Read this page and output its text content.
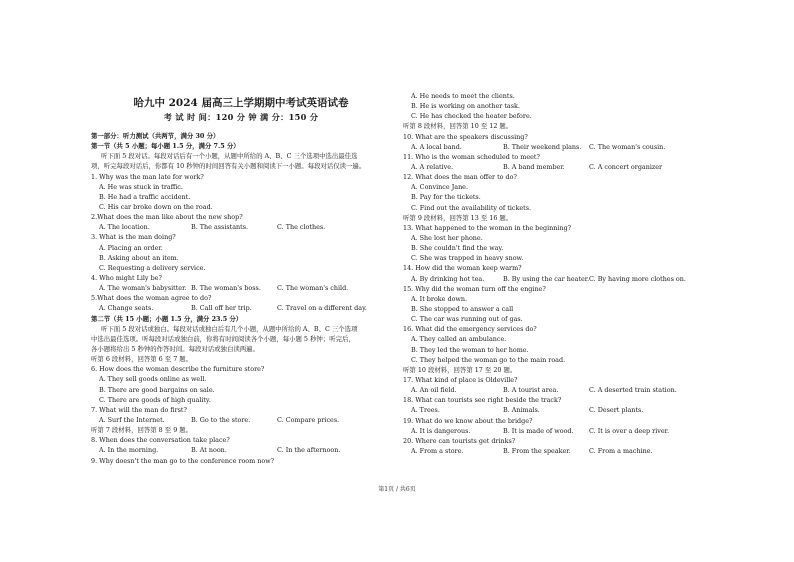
哈九中 2024 届高三上学期期中考试英语试卷
考 试 时 间：120 分 钟 满 分：150 分
第一部分：听力测试（共两节，满分 30 分）
第一节（共 5 小题；每小题 1.5 分，满分 7.5 分）
听下面 5 段对话。每段对话后有一个小题，从题中所给的 A、B、C 三个选项中选出最佳选
项，听完每段对话后，你都有 10 秒钟的时间回答有关小题和阅读下一小题。每段对话仅读一遍。
1. Why was the man late for work?
A. He was stuck in traffic.
B. He had a traffic accident.
C. His car broke down on the road.
2.What does the man like about the new shop?
A. The location.	B. The assistants.	C. The clothes.
3. What is the man doing?
A. Placing an order.
B. Asking about an item.
C. Requesting a delivery service.
4. Who might Lily be?
A. The woman's babysitter. B. The woman's boss.	C. The woman's child.
5.What does the woman agree to do?
A. Change seats.	B. Call off her trip.	C. Travel on a different day.
第二节（共 15 小题；小题 1.5 分，满分 23.5 分）
听下面 5 段对话或独白。每段对话或独白后有几个小题，从题中所给的 A、B、C 三个选项
中选出最佳选项。听每段对话或独白前，你将有时间阅读各个小题，每小题 5 秒钟；听完后，
各小题将给出 5 秒钟的作答时间。每段对话或独白读两遍。
听第 6 段材料，回答第 6 至 7 题。
6. How does the woman describe the furniture store?
A. They sell goods online as well.
B. There are good bargains on sale.
C. There are goods of high quality.
7. What will the man do first?
A. Surf the Internet.	B. Go to the store.	C. Compare prices.
听第 7 段材料，回答第 8 至 9 题。
8. When does the conversation take place?
A. In the morning.	B. At noon.	C. In the afternoon.
9. Why doesn't the man go to the conference room now?
A. He needs to meet the clients.
B. He is working on another task.
C. He has checked the heater before.
听第 8 段材料，回答第 10 至 12 题。
10. What are the speakers discussing?
A. A local band.	B. Their weekend plans. C. The woman's cousin.
11. Who is the woman scheduled to meet?
A. A relative.	B. A band member.	C. A concert organizer
12. What does the man offer to do?
A. Convince Jane.
B. Pay for the tickets.
C. Find out the availability of tickets.
听第 9 段材料，回答第 13 至 16 题。
13. What happened to the woman in the beginning?
A. She lost her phone.
B. She couldn't find the way.
C. She was trapped in heavy snow.
14. How did the woman keep warm?
A. By drinking hot tea.	B. By using the car heater. C. By having more clothes on.
15. Why did the woman turn off the engine?
A. It broke down.
B. She stopped to answer a call
C. The car was running out of gas.
16. What did the emergency services do?
A. They called an ambulance.
B. They led the woman to her home.
C. They helped the woman go to the main road.
听第 10 段材料，回答第 17 至 20 题。
17. What kind of place is Oldeville?
A. An oil field.	B. A tourist area.	C. A deserted train station.
18. What can tourists see right beside the track?
A. Trees.	B. Animals.	C. Desert plants.
19. What do we know about the bridge?
A. It is dangerous.	B. It is made of wood. C. It is over a deep river.
20. Where can tourists get drinks?
A. From a store.	B. From the speaker.	C. From a machine.
第1页 / 共6页
